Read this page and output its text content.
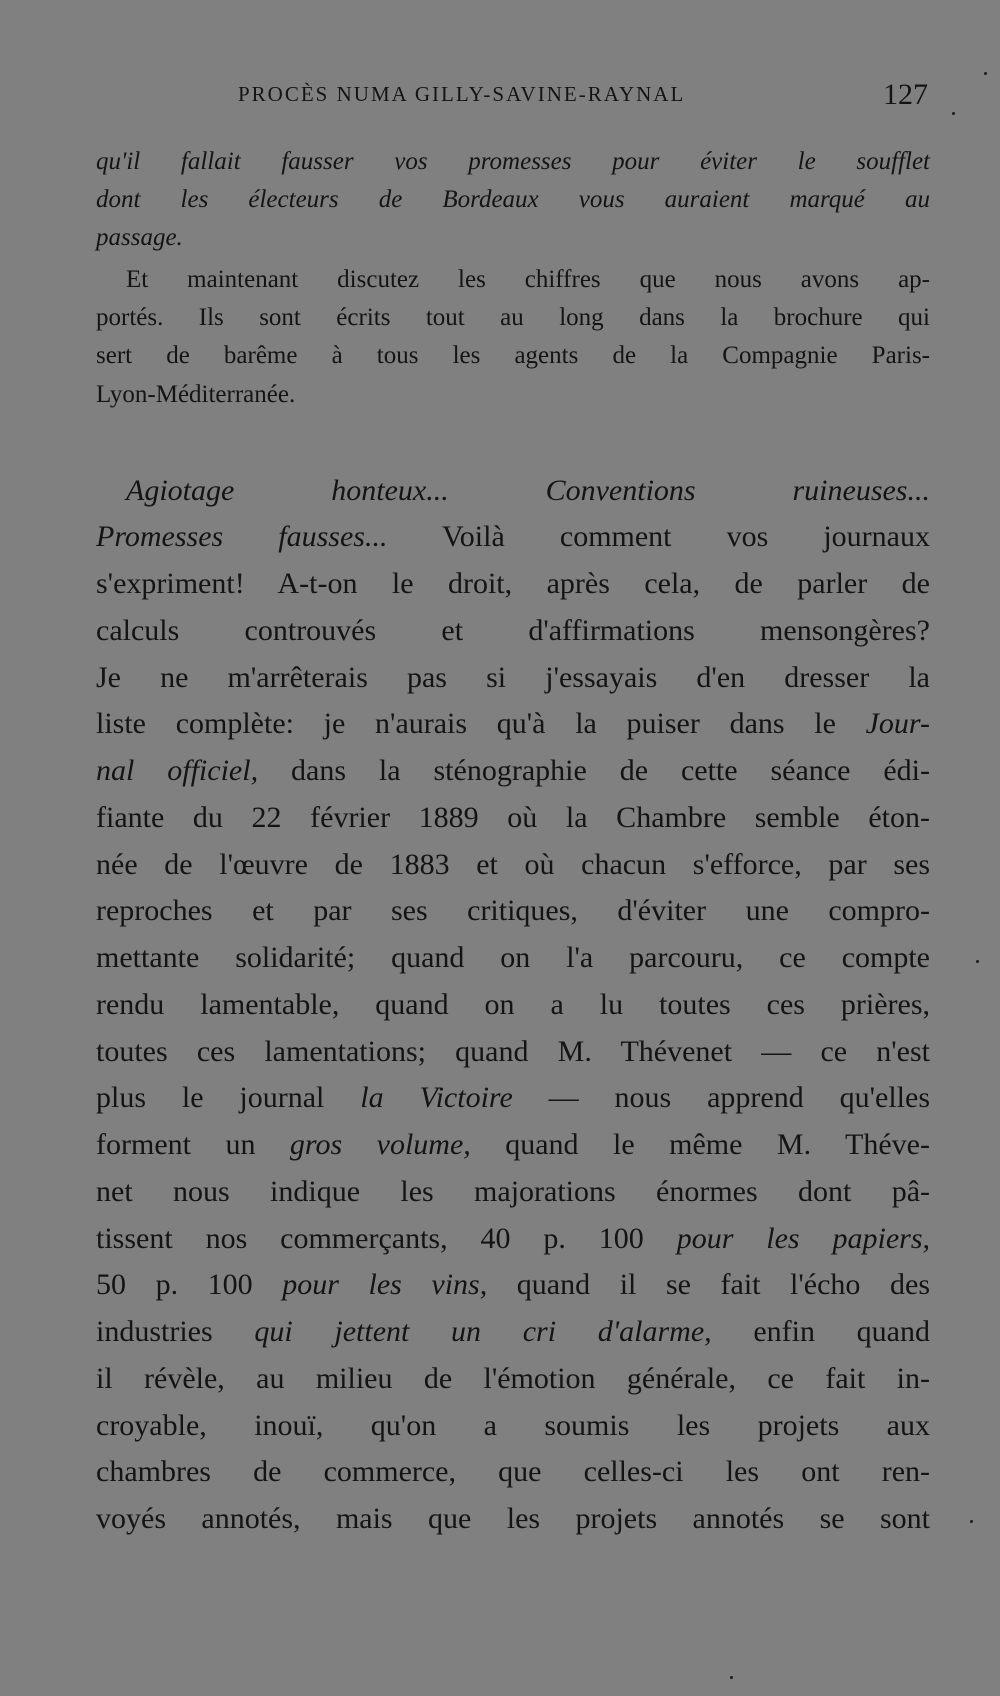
PROCÈS NUMA GILLY-SAVINE-RAYNAL	127
qu'il fallait fausser vos promesses pour éviter le soufflet
dont les électeurs de Bordeaux vous auraient marqué au
passage.
Et maintenant discutez les chiffres que nous avons ap-
portés. Ils sont écrits tout au long dans la brochure qui
sert de barême à tous les agents de la Compagnie Paris-
Lyon-Méditerranée.
Agiotage honteux... Conventions ruineuses...
Promesses fausses... Voilà comment vos journaux
s'expriment! A-t-on le droit, après cela, de parler de
calculs controuvés et d'affirmations mensongères?
Je ne m'arrêterais pas si j'essayais d'en dresser la
liste complète: je n'aurais qu'à la puiser dans le Jour-
nal officiel, dans la sténographie de cette séance édi-
fiante du 22 février 1889 où la Chambre semble éton-
née de l'œuvre de 1883 et où chacun s'efforce, par ses
reproches et par ses critiques, d'éviter une compro-
mettante solidarité; quand on l'a parcouru, ce compte
rendu lamentable, quand on a lu toutes ces prières,
toutes ces lamentations; quand M. Thévenet — ce n'est
plus le journal la Victoire — nous apprend qu'elles
forment un gros volume, quand le même M. Théve-
net nous indique les majorations énormes dont pâ-
tissent nos commerçants, 40 p. 100 pour les papiers,
50 p. 100 pour les vins, quand il se fait l'écho des
industries qui jettent un cri d'alarme, enfin quand
il révèle, au milieu de l'émotion générale, ce fait in-
croyable, inouï, qu'on a soumis les projets aux
chambres de commerce, que celles-ci les ont ren-
voyés annotés, mais que les projets annotés se sont
